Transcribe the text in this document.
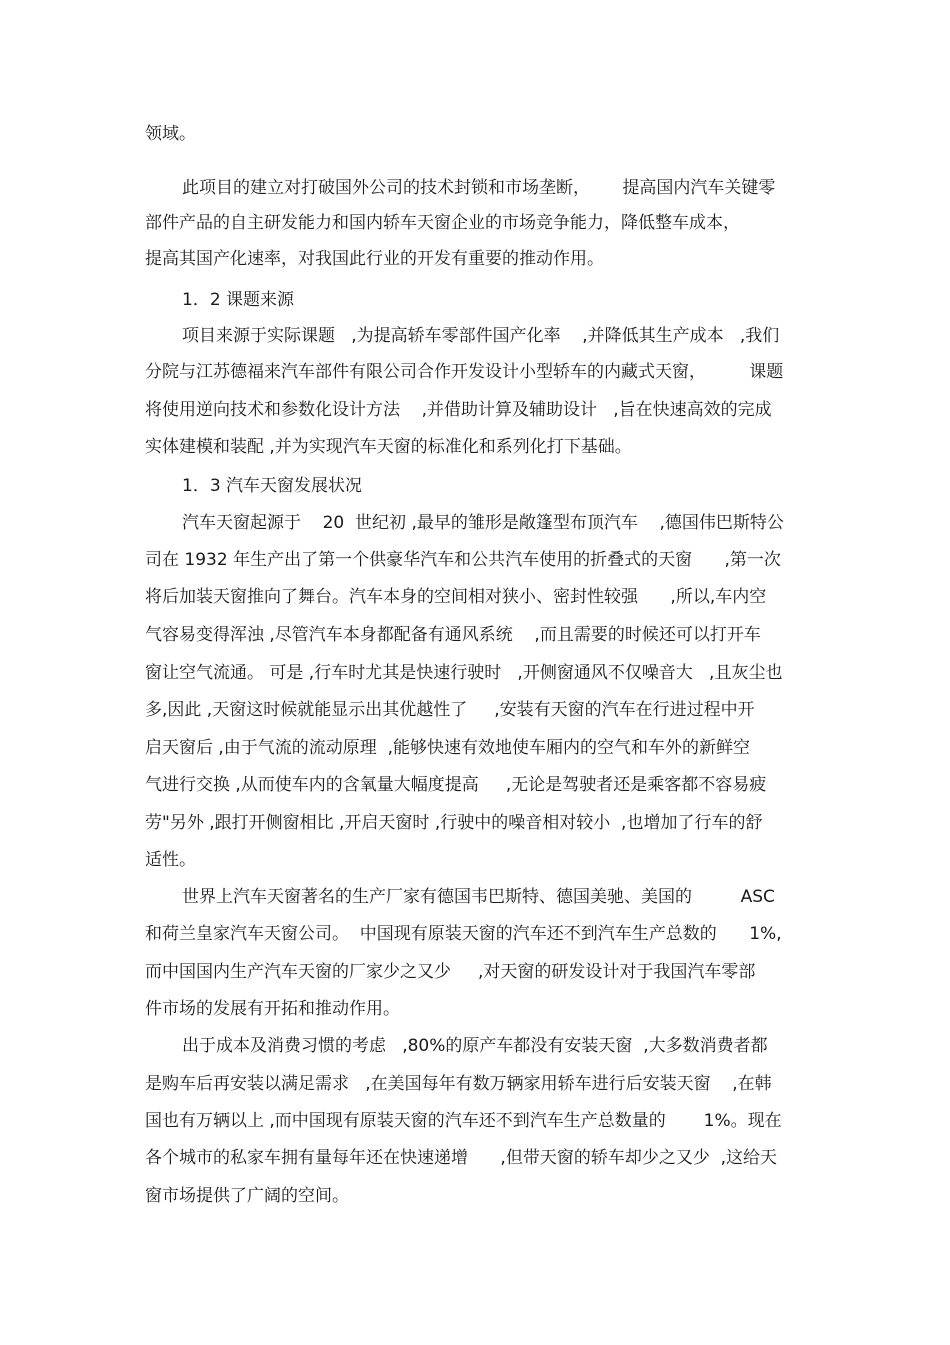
领域。
此项目的建立对打破国外公司的技术封锁和市场垄断，      提高国内汽车关键零
部件产品的自主研发能力和国内轿车天窗企业的市场竞争能力，降低整车成本，
提高其国产化速率，对我国此行业的开发有重要的推动作用。
1．2 课题来源
项目来源于实际课题   ,为提高轿车零部件国产化率    ,并降低其生产成本   ,我们
分院与江苏德福来汽车部件有限公司合作开发设计小型轿车的内藏式天窗，        课题
将使用逆向技术和参数化设计方法    ,并借助计算及辅助设计   ,旨在快速高效的完成
实体建模和装配 ,并为实现汽车天窗的标准化和系列化打下基础。
1．3 汽车天窗发展状况
汽车天窗起源于    20  世纪初 ,最早的雏形是敞篷型布顶汽车    ,德国伟巴斯特公
司在 1932 年生产出了第一个供豪华汽车和公共汽车使用的折叠式的天窗      ,第一次
将后加装天窗推向了舞台。汽车本身的空间相对狭小、密封性较强      ,所以,车内空
气容易变得浑浊 ,尽管汽车本身都配备有通风系统    ,而且需要的时候还可以打开车
窗让空气流通。 可是 ,行车时尤其是快速行驶时   ,开侧窗通风不仅噪音大   ,且灰尘也
多,因此 ,天窗这时候就能显示出其优越性了     ,安装有天窗的汽车在行进过程中开
启天窗后 ,由于气流的流动原理  ,能够快速有效地使车厢内的空气和车外的新鲜空
气进行交换 ,从而使车内的含氧量大幅度提高     ,无论是驾驶者还是乘客都不容易疲
劳"另外 ,跟打开侧窗相比 ,开启天窗时 ,行驶中的噪音相对较小  ,也增加了行车的舒
适性。
世界上汽车天窗著名的生产厂家有德国韦巴斯特、德国美驰、美国的         ASC
和荷兰皇家汽车天窗公司。  中国现有原装天窗的汽车还不到汽车生产总数的      1%,
而中国国内生产汽车天窗的厂家少之又少     ,对天窗的研发设计对于我国汽车零部
件市场的发展有开拓和推动作用。
出于成本及消费习惯的考虑   ,80%的原产车都没有安装天窗  ,大多数消费者都
是购车后再安装以满足需求   ,在美国每年有数万辆家用轿车进行后安装天窗    ,在韩
国也有万辆以上 ,而中国现有原装天窗的汽车还不到汽车生产总数量的       1%。现在
各个城市的私家车拥有量每年还在快速递增      ,但带天窗的轿车却少之又少  ,这给天
窗市场提供了广阔的空间。
